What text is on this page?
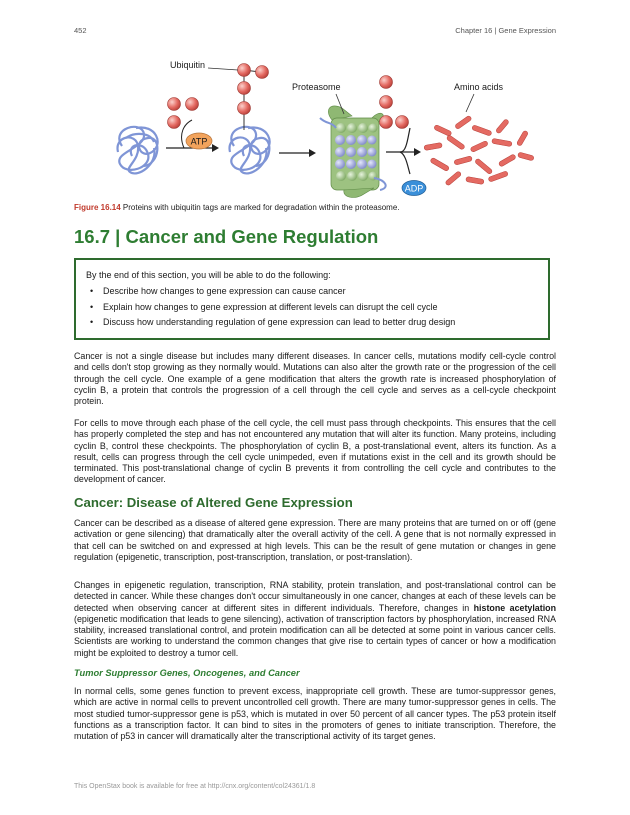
452	Chapter 16 | Gene Expression
ATP
Ubiquitin
Proteasome
ADP
Amino acids
Figure 16.14 Proteins with ubiquitin tags are marked for degradation within the proteasome.
16.7 | Cancer and Gene Regulation

By the end of this section, you will be able to do the following:

• Describe how changes to gene expression can cause cancer
• Explain how changes to gene expression at different levels can disrupt the cell cycle
• Discuss how understanding regulation of gene expression can lead to better drug design

Cancer is not a single disease but includes many different diseases. In cancer cells, mutations modify cell-cycle control and cells don't stop growing as they normally would. Mutations can also alter the growth rate or the progression of the cell through the cell cycle. One example of a gene modification that alters the growth rate is increased phosphorylation of cyclin B, a protein that controls the progression of a cell through the cell cycle and serves as a cell-cycle checkpoint protein.

For cells to move through each phase of the cell cycle, the cell must pass through checkpoints. This ensures that the cell has properly completed the step and has not encountered any mutation that will alter its function. Many proteins, including cyclin B, control these checkpoints. The phosphorylation of cyclin B, a post-translational event, alters its function. As a result, cells can progress through the cell cycle unimpeded, even if mutations exist in the cell and its growth should be terminated. This post-translational change of cyclin B prevents it from controlling the cell cycle and contributes to the development of cancer.

Cancer: Disease of Altered Gene Expression

Cancer can be described as a disease of altered gene expression. There are many proteins that are turned on or off (gene activation or gene silencing) that dramatically alter the overall activity of the cell. A gene that is not normally expressed in that cell can be switched on and expressed at high levels. This can be the result of gene mutation or changes in gene regulation (epigenetic, transcription, post-transcription, translation, or post-translation).

Changes in epigenetic regulation, transcription, RNA stability, protein translation, and post-translational control can be detected in cancer. While these changes don't occur simultaneously in one cancer, changes at each of these levels can be detected when observing cancer at different sites in different individuals. Therefore, changes in histone acetylation (epigenetic modification that leads to gene silencing), activation of transcription factors by phosphorylation, increased RNA stability, increased translational control, and protein modification can all be detected at some point in various cancer cells. Scientists are working to understand the common changes that give rise to certain types of cancer or how a modification might be exploited to destroy a tumor cell.

Tumor Suppressor Genes, Oncogenes, and Cancer

In normal cells, some genes function to prevent excess, inappropriate cell growth. These are tumor-suppressor genes, which are active in normal cells to prevent uncontrolled cell growth. There are many tumor-suppressor genes in cells. The most studied tumor-suppressor gene is p53, which is mutated in over 50 percent of all cancer types. The p53 protein itself functions as a transcription factor. It can bind to sites in the promoters of genes to initiate transcription. Therefore, the mutation of p53 in cancer will dramatically alter the transcriptional activity of its target genes.

This OpenStax book is available for free at http://cnx.org/content/col24361/1.8
